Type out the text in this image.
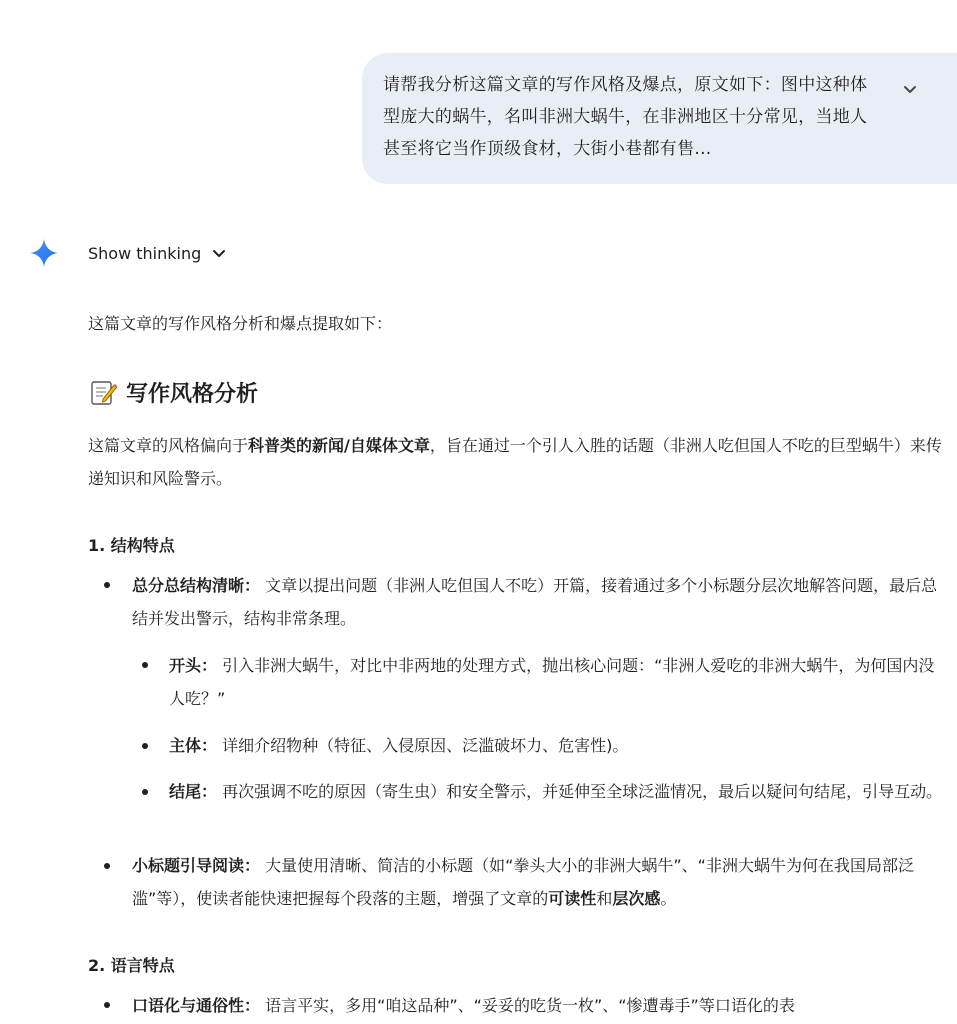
请帮我分析这篇文章的写作风格及爆点，原文如下：图中这种体型庞大的蜗牛，名叫非洲大蜗牛，在非洲地区十分常见，当地人甚至将它当作顶级食材，大街小巷都有售...
Show thinking
这篇文章的写作风格分析和爆点提取如下：
写作风格分析
这篇文章的风格偏向于科普类的新闻/自媒体文章，旨在通过一个引人入胜的话题（非洲人吃但国人不吃的巨型蜗牛）来传递知识和风险警示。
1. 结构特点
总分总结构清晰： 文章以提出问题（非洲人吃但国人不吃）开篇，接着通过多个小标题分层次地解答问题，最后总结并发出警示，结构非常条理。
开头： 引入非洲大蜗牛，对比中非两地的处理方式，抛出核心问题：“非洲人爱吃的非洲大蜗牛，为何国内没人吃？”
主体： 详细介绍物种（特征、入侵原因、泛滥破坏力、危害性)。
结尾： 再次强调不吃的原因（寄生虫）和安全警示，并延伸至全球泛滥情况，最后以疑问句结尾，引导互动。
小标题引导阅读： 大量使用清晰、简洁的小标题（如“拳头大小的非洲大蜗牛”、“非洲大蜗牛为何在我国局部泛滥”等），使读者能快速把握每个段落的主题，增强了文章的可读性和层次感。
2. 语言特点
口语化与通俗性： 语言平实，多用“咱这品种”、“妥妥的吃货一枚”、“惨遭毒手”等口语化的表
